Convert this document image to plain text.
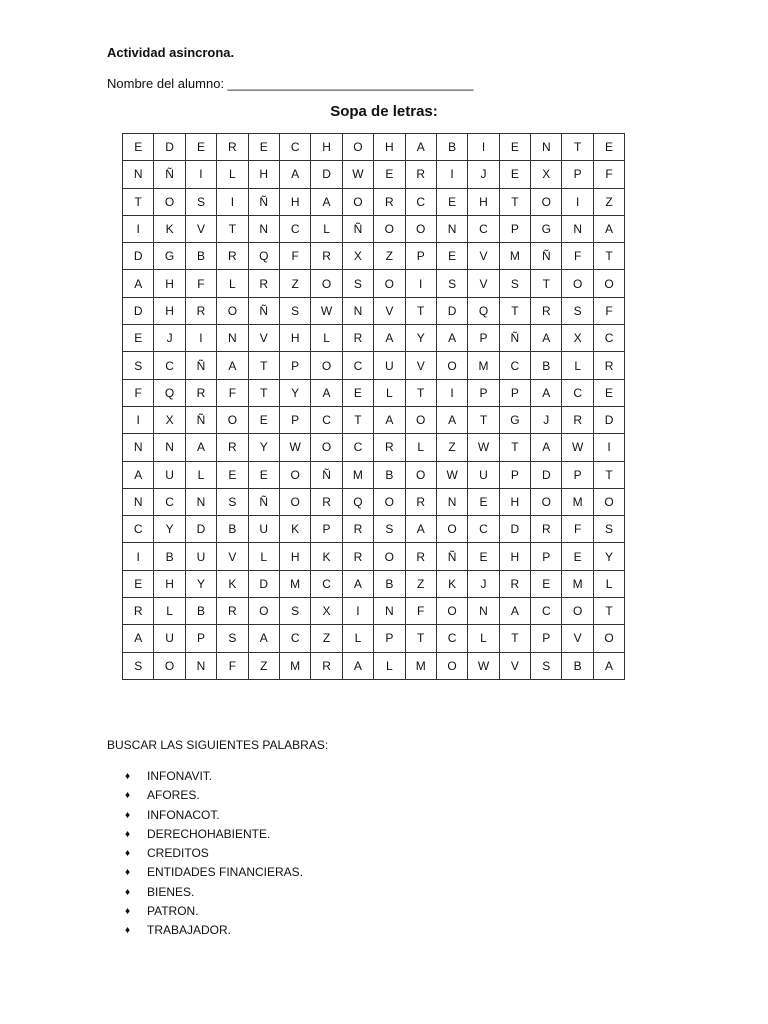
Actividad asincrona.
Nombre del alumno: __________________________________
Sopa de letras:
E	D	E	R	E	C	H	O	H	A	B	I	E	N	T	E
N	Ñ	I	L	H	A	D	W	E	R	I	J	E	X	P	F
T	O	S	I	Ñ	H	A	O	R	C	E	H	T	O	I	Z
I	K	V	T	N	C	L	Ñ	O	O	N	C	P	G	N	A
D	G	B	R	Q	F	R	X	Z	P	E	V	M	Ñ	F	T
A	H	F	L	R	Z	O	S	O	I	S	V	S	T	O	O
D	H	R	O	Ñ	S	W	N	V	T	D	Q	T	R	S	F
E	J	I	N	V	H	L	R	A	Y	A	P	Ñ	A	X	C
S	C	Ñ	A	T	P	O	C	U	V	O	M	C	B	L	R
F	Q	R	F	T	Y	A	E	L	T	I	P	P	A	C	E
I	X	Ñ	O	E	P	C	T	A	O	A	T	G	J	R	D
N	N	A	R	Y	W	O	C	R	L	Z	W	T	A	W	I
A	U	L	E	E	O	Ñ	M	B	O	W	U	P	D	P	T
N	C	N	S	Ñ	O	R	Q	O	R	N	E	H	O	M	O
C	Y	D	B	U	K	P	R	S	A	O	C	D	R	F	S
I	B	U	V	L	H	K	R	O	R	Ñ	E	H	P	E	Y
E	H	Y	K	D	M	C	A	B	Z	K	J	R	E	M	L
R	L	B	R	O	S	X	I	N	F	O	N	A	C	O	T
A	U	P	S	A	C	Z	L	P	T	C	L	T	P	V	O
S	O	N	F	Z	M	R	A	L	M	O	W	V	S	B	A
BUSCAR LAS SIGUIENTES PALABRAS:
♦	INFONAVIT.
♦	AFORES.
♦	INFONACOT.
♦	DERECHOHABIENTE.
♦	CREDITOS
♦	ENTIDADES FINANCIERAS.
♦	BIENES.
♦	PATRON.
♦	TRABAJADOR.
